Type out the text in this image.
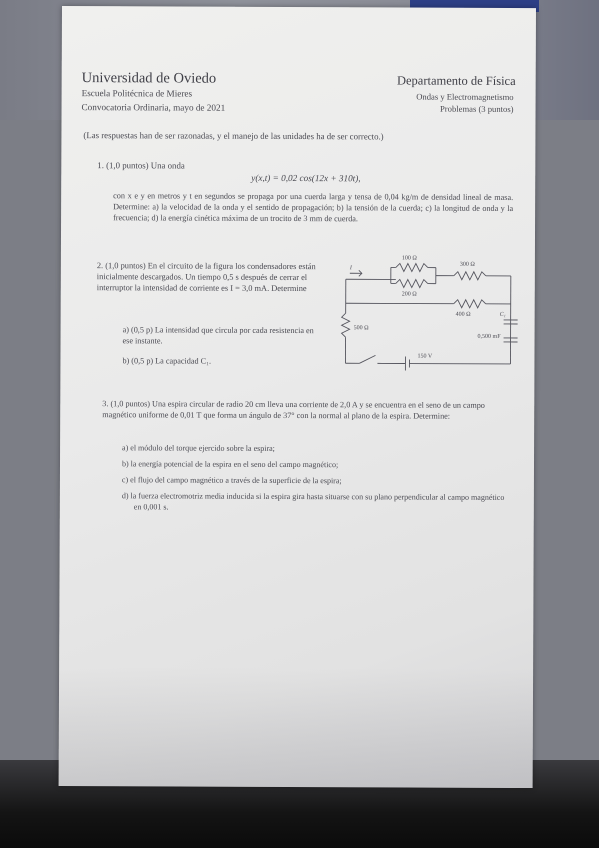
Universidad de Oviedo
Escuela Politécnica de Mieres
Convocatoria Ordinaria, mayo de 2021
Departamento de Física
Ondas y Electromagnetismo
Problemas (3 puntos)
(Las respuestas han de ser razonadas, y el manejo de las unidades ha de ser correcto.)
1. (1,0 puntos) Una onda
y(x,t) = 0,02 cos(12x + 310t),
con x e y en metros y t en segundos se propaga por una cuerda larga y tensa de 0,04 kg/m de densidad lineal de masa. Determine: a) la velocidad de la onda y el sentido de propagación; b) la tensión de la cuerda; c) la longitud de onda y la frecuencia; d) la energía cinética máxima de un trocito de 3 mm de cuerda.
2. (1,0 puntos) En el circuito de la figura los condensadores están inicialmente descargados. Un tiempo 0,5 s después de cerrar el interruptor la intensidad de corriente es I = 3,0 mA. Determine
a) (0,5 p) La intensidad que circula por cada resistencia en ese instante.
b) (0,5 p) La capacidad C₁.
100 Ω
200 Ω
300 Ω
400 Ω
500 Ω
I
C₁
0,500 mF
150 V
3. (1,0 puntos) Una espira circular de radio 20 cm lleva una corriente de 2,0 A y se encuentra en el seno de un campo magnético uniforme de 0,01 T que forma un ángulo de 37° con la normal al plano de la espira. Determine:
a) el módulo del torque ejercido sobre la espira;
b) la energía potencial de la espira en el seno del campo magnético;
c) el flujo del campo magnético a través de la superficie de la espira;
d) la fuerza electromotriz media inducida si la espira gira hasta situarse con su plano perpendicular al campo magnético en 0,001 s.
